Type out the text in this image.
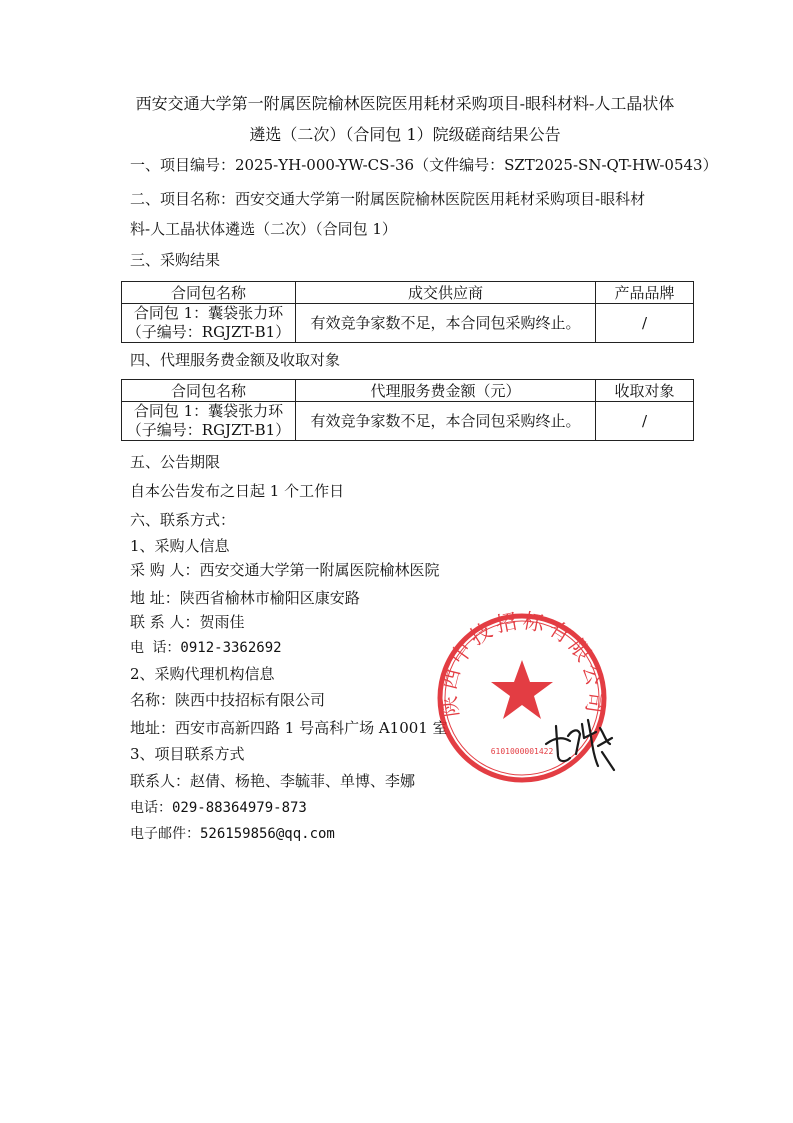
西安交通大学第一附属医院榆林医院医用耗材采购项目-眼科材料-人工晶状体
遴选（二次）（合同包 1）院级磋商结果公告
一、项目编号：2025-YH-000-YW-CS-36（文件编号：SZT2025-SN-QT-HW-0543）
二、项目名称：西安交通大学第一附属医院榆林医院医用耗材采购项目-眼科材
料-人工晶状体遴选（二次）（合同包 1）
三、采购结果
合同包名称	成交供应商	产品品牌

合同包 1：囊袋张力环
（子编号：RGJZT-B1）	有效竞争家数不足，本合同包采购终止。	/
四、代理服务费金额及收取对象
合同包名称	代理服务费金额（元）	收取对象

合同包 1：囊袋张力环
（子编号：RGJZT-B1）	有效竞争家数不足，本合同包采购终止。	/
五、公告期限
自本公告发布之日起 1 个工作日
六、联系方式：
1、采购人信息
采 购 人：西安交通大学第一附属医院榆林医院
地 址：陕西省榆林市榆阳区康安路
联 系 人：贺雨佳
电 话：0912-3362692
2、采购代理机构信息
名称：陕西中技招标有限公司
地址：西安市高新四路 1 号高科广场 A1001 室
3、项目联系方式
联系人：赵倩、杨艳、李毓菲、单博、李娜
电话：029-88364979-873
电子邮件：526159856@qq.com
陕西中技招标有限公司
6101000001422
